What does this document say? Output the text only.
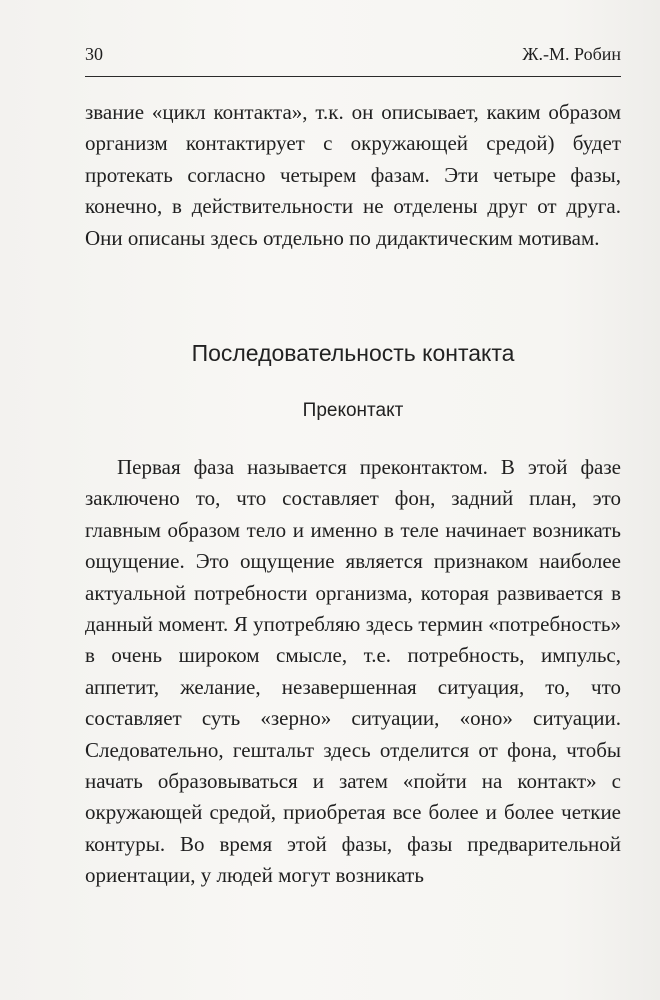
30	Ж.-М. Робин

звание «цикл контакта», т.к. он описывает, каким образом организм контактирует с окружающей средой) будет протекать согласно четырем фазам. Эти четыре фазы, конечно, в действительности не отделены друг от друга. Они описаны здесь отдельно по дидактическим мотивам.

Последовательность контакта
Преконтакт

Первая фаза называется преконтактом. В этой фазе заключено то, что составляет фон, задний план, это главным образом тело и именно в теле начинает возникать ощущение. Это ощущение является признаком наиболее актуальной потребности организма, которая развивается в данный момент. Я употребляю здесь термин «потребность» в очень широком смысле, т.е. потребность, импульс, аппетит, желание, незавершенная ситуация, то, что составляет суть «зерно» ситуации, «оно» ситуации. Следовательно, гештальт здесь отделится от фона, чтобы начать образовываться и затем «пойти на контакт» с окружающей средой, приобретая все более и более четкие контуры. Во время этой фазы, фазы предварительной ориентации, у людей могут возникать
